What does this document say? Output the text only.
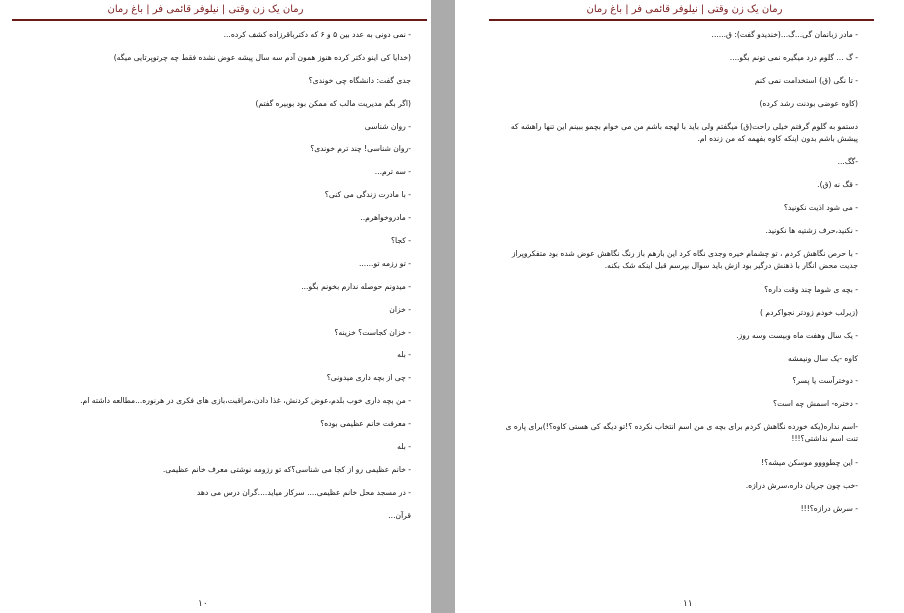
رمان یک زن وقتی | نیلوفر قائمی فر | باغ رمان

- نمی دونی به عدد بین ۵ و ۶ که دکترباقرزاده کشف کرده...

(خدایا کی اینو دکتر کرده هنوز همون آدم سه سال پیشه عوض نشده فقط چه چرتوپرتایی میگه)

جدی گفت: دانشگاه چی خوندی؟

(اگر بگم مدیریت مالب که ممکن بود بوبیره گفتم)

- روان شناسی

-روان شناسی! چند ترم خوندی؟

- سه ترم...

- با مادرت زندگی می کنی؟

- مادروخواهرم..

- کجا؟

- تو رزمه تو......

- میدونم حوصله ندارم بخونم بگو...

- خزان

- خزان کجاست؟ خزینه؟

- بله

- چی از بچه داری میدونی؟

- من بچه داری خوب بلدم،عوض کردنش، غذا دادن،مراقبت،بازی های فکری در هرنوره...مطالعه داشته ام.

- معرفت خانم عظیمی بوده؟

- بله

- خانم عظیمی رو از کجا می شناسی؟که تو رزومه نوشتی معرف خانم عظیمی.

- در مسجد محل خانم عظیمی.... سرکار میاید....گران درس می دهد

قرآن...

۱۰
رمان یک زن وقتی | نیلوفر قائمی فر | باغ رمان

- مادر زبانمان گی...گ...(خندیدو گفت): ق......

- گ ... گلوم درد میگیره نمی تونم بگو....

- تا نگی (ق) استخدامت نمی کنم

(کاوه عوضی بودنت رشد کرده)

دستمو به گلوم گرفتم خیلی راحت(ق) میگفتم ولی باید با لهجه باشم من می خوام بچمو ببینم این تنها راهشه که پیشش باشم بدون اینکه کاوه بفهمه که من زنده ام.

-گگ...

- قگ نه (ق).

- می شود اذیت نکونید؟

- نکنید،حرف زشتیه ها نکونید.

- با حرص نگاهش کردم ، تو چشمام خیره وجدی نگاه کرد این بارهم باز رنگ نگاهش عوض شده بود متفکروپراز جدیت محض انگار با ذهنش درگیر بود ازش باید سوال بپرسم قبل اینکه شک بکنه.

- بچه ی شوما چند وقت داره؟

(زیرلب خودم زودتر نجواکردم )

- یک سال وهفت ماه وبیست وسه روز.

کاوه -یک سال ونیمشه

- دوخترآست یا پسر؟

- دختره- اسمش چه است؟

-اسم نداره(یکه خورده نگاهش کردم برای بچه ی من اسم انتخاب نکرده ؟!تو دیگه کی هستی کاوه؟!)برای پاره ی تنت اسم نداشتی؟!!!

- این چطوووو موسکن میشه؟!

-خب چون جریان داره،سرش درازه.

- سرش درازه؟!!!

۱۱
